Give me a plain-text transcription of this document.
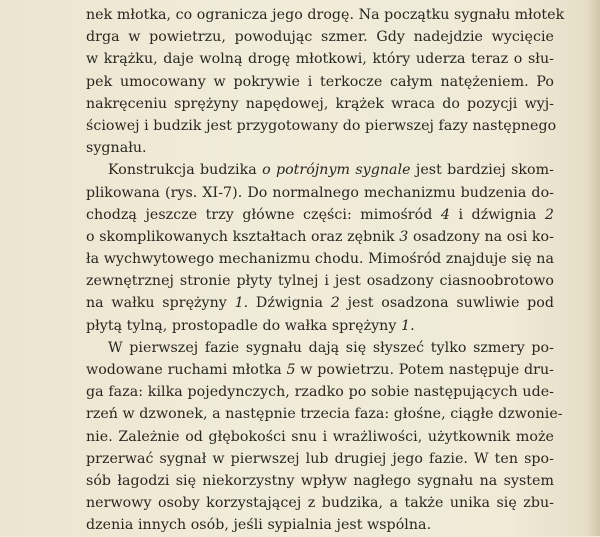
nek młotka, co ogranicza jego drogę. Na początku sygnału młotek
drga w powietrzu, powodując szmer. Gdy nadejdzie wycięcie
w krążku, daje wolną drogę młotkowi, który uderza teraz o słu-
pek umocowany w pokrywie i terkocze całym natężeniem. Po
nakręceniu sprężyny napędowej, krążek wraca do pozycji wyj-
ściowej i budzik jest przygotowany do pierwszej fazy następnego
sygnału.
Konstrukcja budzika o potrójnym sygnale jest bardziej skom-
plikowana (rys. XI-7). Do normalnego mechanizmu budzenia do-
chodzą jeszcze trzy główne części: mimośród 4 i dźwignia 2
o skomplikowanych kształtach oraz zębnik 3 osadzony na osi ko-
ła wychwytowego mechanizmu chodu. Mimośród znajduje się na
zewnętrznej stronie płyty tylnej i jest osadzony ciasnoobrotowo
na wałku sprężyny 1. Dźwignia 2 jest osadzona suwliwie pod
płytą tylną, prostopadle do wałka sprężyny 1.
W pierwszej fazie sygnału dają się słyszeć tylko szmery po-
wodowane ruchami młotka 5 w powietrzu. Potem następuje dru-
ga faza: kilka pojedynczych, rzadko po sobie następujących ude-
rzeń w dzwonek, a następnie trzecia faza: głośne, ciągłe dzwonie-
nie. Zależnie od głębokości snu i wrażliwości, użytkownik może
przerwać sygnał w pierwszej lub drugiej jego fazie. W ten spo-
sób łagodzi się niekorzystny wpływ nagłego sygnału na system
nerwowy osoby korzystającej z budzika, a także unika się zbu-
dzenia innych osób, jeśli sypialnia jest wspólna.
